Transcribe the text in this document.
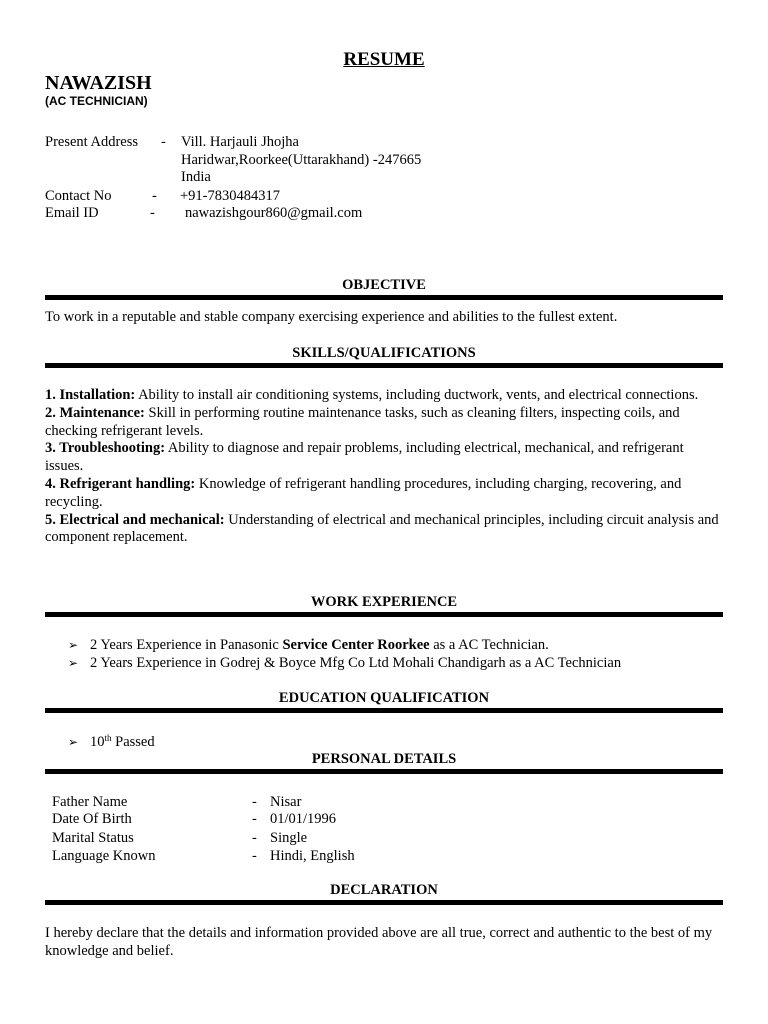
RESUME
NAWAZISH
(AC TECHNICIAN)
Present Address - Vill. Harjauli Jhojha
Haridwar,Roorkee(Uttarakhand) -247665
India
Contact No	- +91-7830484317
Email ID	- nawazishgour860@gmail.com
OBJECTIVE
To work in a reputable and stable company exercising experience and abilities to the fullest extent.
SKILLS/QUALIFICATIONS

1. Installation: Ability to install air conditioning systems, including ductwork, vents, and electrical connections.

2. Maintenance: Skill in performing routine maintenance tasks, such as cleaning filters, inspecting coils, and checking refrigerant levels.

3. Troubleshooting: Ability to diagnose and repair problems, including electrical, mechanical, and refrigerant issues.

4. Refrigerant handling: Knowledge of refrigerant handling procedures, including charging, recovering, and recycling.

5. Electrical and mechanical: Understanding of electrical and mechanical principles, including circuit analysis and component replacement.

WORK EXPERIENCE
➢ 2 Years Experience in Panasonic Service Center Roorkee as a AC Technician.
➢ 2 Years Experience in Godrej & Boyce Mfg Co Ltd Mohali Chandigarh as a AC Technician
EDUCATION QUALIFICATION
➢ 10th Passed
PERSONAL DETAILS
Father Name	- Nisar
Date Of Birth	- 01/01/1996
Marital Status	- Single
Language Known	- Hindi, English
DECLARATION
I hereby declare that the details and information provided above are all true, correct and authentic to the best of my knowledge and belief.
